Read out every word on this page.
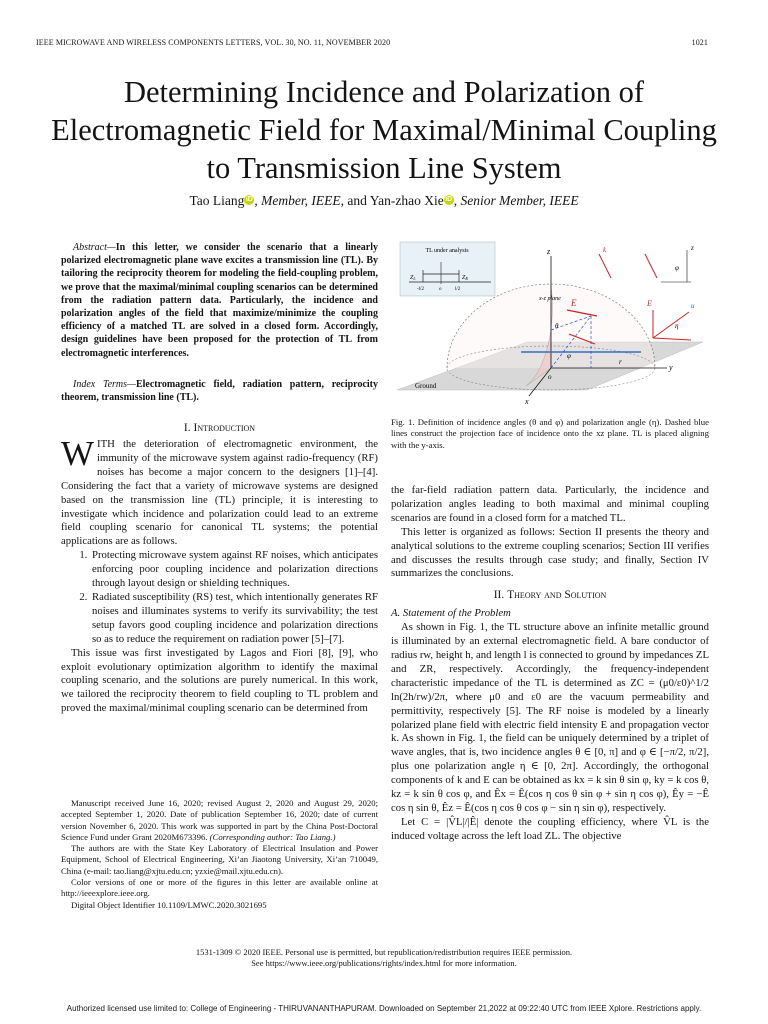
IEEE MICROWAVE AND WIRELESS COMPONENTS LETTERS, VOL. 30, NO. 11, NOVEMBER 2020	1021
Determining Incidence and Polarization of Electromagnetic Field for Maximal/Minimal Coupling to Transmission Line System
Tao Liang iD , Member, IEEE, and Yan-zhao Xie iD , Senior Member, IEEE

Abstract—In this letter, we consider the scenario that a linearly polarized electromagnetic plane wave excites a transmission line (TL). By tailoring the reciprocity theorem for modeling the field-coupling problem, we prove that the maximal/minimal coupling scenarios can be determined from the radiation pattern data. Particularly, the incidence and polarization angles of the field that maximize/minimize the coupling efficiency of a matched TL are solved in a closed form. Accordingly, design guidelines have been proposed for the protection of TL from electromagnetic interferences.

Index Terms—Electromagnetic field, radiation pattern, reciprocity theorem, transmission line (TL).

I. Introduction

WITH the deterioration of electromagnetic environment, the immunity of the microwave system against radio-frequency (RF) noises has become a major concern to the designers [1]–[4]. Considering the fact that a variety of microwave systems are designed based on the transmission line (TL) principle, it is interesting to investigate which incidence and polarization could lead to an extreme field coupling scenario for canonical TL systems; the potential applications are as follows.

1. Protecting microwave system against RF noises, which anticipates enforcing poor coupling incidence and polarization directions through layout design or shielding techniques.
2. Radiated susceptibility (RS) test, which intentionally generates RF noises and illuminates systems to verify its survivability; the test setup favors good coupling incidence and polarization directions so as to reduce the requirement on radiation power [5]–[7].

This issue was first investigated by Lagos and Fiori [8], [9], who exploit evolutionary optimization algorithm to identify the maximal coupling scenario, and the solutions are purely numerical. In this work, we tailored the reciprocity theorem to field coupling to TL problem and proved the maximal/minimal coupling scenario can be determined from

Manuscript received June 16, 2020; revised August 2, 2020 and August 29, 2020; accepted September 1, 2020. Date of publication September 16, 2020; date of current version November 6, 2020. This work was supported in part by the China Post-Doctoral Science Fund under Grant 2020M673396. (Corresponding author: Tao Liang.)

The authors are with the State Key Laboratory of Electrical Insulation and Power Equipment, School of Electrical Engineering, Xi’an Jiaotong University, Xi’an 710049, China (e-mail: tao.liang@xjtu.edu.cn; yzxie@mail.xjtu.edu.cn).

Color versions of one or more of the figures in this letter are available online at http://ieeexplore.ieee.org.

Digital Object Identifier 10.1109/LMWC.2020.3021695

TL under analysis
ZL	ZR
-l/2	o	l/2
Ground
x-z plane
z
y
x
o
r
E
θ
φ
k	z
φ
E	u
η
Fig. 1. Definition of incidence angles (θ and φ) and polarization angle (η). Dashed blue lines construct the projection face of incidence onto the xz plane. TL is placed aligning with the y-axis.

the far-field radiation pattern data. Particularly, the incidence and polarization angles leading to both maximal and minimal coupling scenarios are found in a closed form for a matched TL.

This letter is organized as follows: Section II presents the theory and analytical solutions to the extreme coupling scenarios; Section III verifies and discusses the results through case study; and finally, Section IV summarizes the conclusions.

II. Theory and Solution

A. Statement of the Problem

As shown in Fig. 1, the TL structure above an infinite metallic ground is illuminated by an external electromagnetic field. A bare conductor of radius rw, height h, and length l is connected to ground by impedances ZL and ZR, respectively. Accordingly, the frequency-independent characteristic impedance of the TL is determined as ZC = (μ0/ε0)^1/2 ln(2h/rw)/2π, where μ0 and ε0 are the vacuum permeability and permittivity, respectively [5]. The RF noise is modeled by a linearly polarized plane field with electric field intensity E and propagation vector k. As shown in Fig. 1, the field can be uniquely determined by a triplet of wave angles, that is, two incidence angles θ ∈ [0, π] and φ ∈ [−π/2, π/2], plus one polarization angle η ∈ [0, 2π]. Accordingly, the orthogonal components of k and E can be obtained as kx = k sin θ sin φ, ky = k cos θ, kz = k sin θ cos φ, and Êx = Ê(cos η cos θ sin φ + sin η cos φ), Êy = −Ê cos η sin θ, Êz = Ê(cos η cos θ cos φ − sin η sin φ), respectively.

Let C = |V̂L|/|Ê| denote the coupling efficiency, where V̂L is the induced voltage across the left load ZL. The objective

1531-1309 © 2020 IEEE. Personal use is permitted, but republication/redistribution requires IEEE permission.
See https://www.ieee.org/publications/rights/index.html for more information.
Authorized licensed use limited to: College of Engineering - THIRUVANANTHAPURAM. Downloaded on September 21,2022 at 09:22:40 UTC from IEEE Xplore. Restrictions apply.
